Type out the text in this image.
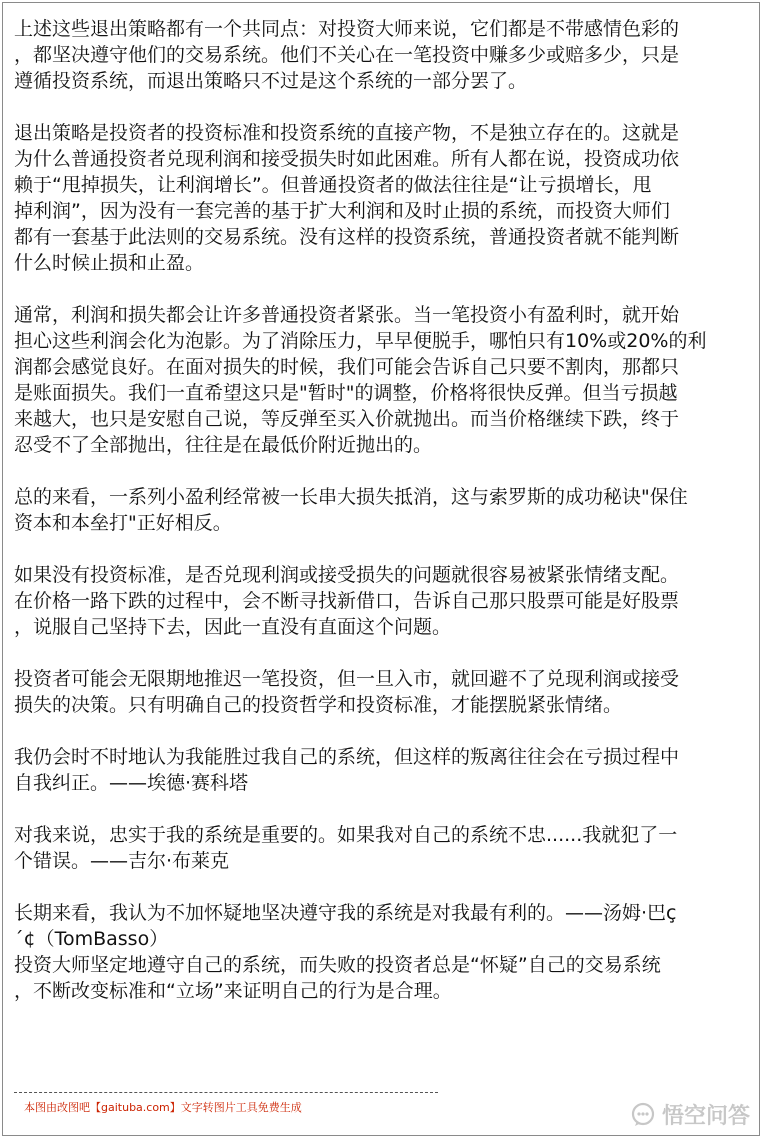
上述这些退出策略都有一个共同点：对投资大师来说，它们都是不带感情色彩的
，都坚决遵守他们的交易系统。他们不关心在一笔投资中赚多少或赔多少，只是
遵循投资系统，而退出策略只不过是这个系统的一部分罢了。
退出策略是投资者的投资标准和投资系统的直接产物，不是独立存在的。这就是
为什么普通投资者兑现利润和接受损失时如此困难。所有人都在说，投资成功依
赖于“甩掉损失，让利润增长”。但普通投资者的做法往往是“让亏损增长，甩
掉利润”，因为没有一套完善的基于扩大利润和及时止损的系统，而投资大师们
都有一套基于此法则的交易系统。没有这样的投资系统，普通投资者就不能判断
什么时候止损和止盈。
通常，利润和损失都会让许多普通投资者紧张。当一笔投资小有盈利时，就开始
担心这些利润会化为泡影。为了消除压力，早早便脱手，哪怕只有10%或20%的利
润都会感觉良好。在面对损失的时候，我们可能会告诉自己只要不割肉，那都只
是账面损失。我们一直希望这只是"暂时"的调整，价格将很快反弹。但当亏损越
来越大，也只是安慰自己说，等反弹至买入价就抛出。而当价格继续下跌，终于
忍受不了全部抛出，往往是在最低价附近抛出的。
总的来看，一系列小盈利经常被一长串大损失抵消，这与索罗斯的成功秘诀"保住
资本和本垒打"正好相反。
如果没有投资标准，是否兑现利润或接受损失的问题就很容易被紧张情绪支配。
在价格一路下跌的过程中，会不断寻找新借口，告诉自己那只股票可能是好股票
，说服自己坚持下去，因此一直没有直面这个问题。
投资者可能会无限期地推迟一笔投资，但一旦入市，就回避不了兑现利润或接受
损失的决策。只有明确自己的投资哲学和投资标准，才能摆脱紧张情绪。
我仍会时不时地认为我能胜过我自己的系统，但这样的叛离往往会在亏损过程中
自我纠正。——埃德·赛科塔
对我来说，忠实于我的系统是重要的。如果我对自己的系统不忠......我就犯了一
个错误。——吉尔·布莱克
长期来看，我认为不加怀疑地坚决遵守我的系统是对我最有利的。——汤姆·巴ç
´¢（TomBasso）
投资大师坚定地遵守自己的系统，而失败的投资者总是“怀疑”自己的交易系统
，不断改变标准和“立场”来证明自己的行为是合理。
本图由改图吧【gaituba.com】文字转图片工具免费生成	悟空问答
